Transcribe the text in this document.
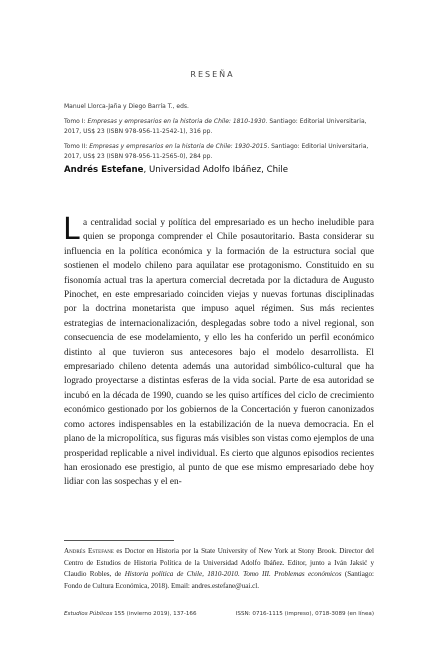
RESEÑA
Manuel Llorca-Jaña y Diego Barría T., eds.
Tomo I: Empresas y empresarios en la historia de Chile: 1810-1930. Santiago: Editorial Universitaria, 2017, US$ 23 (ISBN 978-956-11-2542-1), 316 pp.
Tomo II: Empresas y empresarios en la historia de Chile: 1930-2015. Santiago: Editorial Universitaria, 2017, US$ 23 (ISBN 978-956-11-2565-0), 284 pp.
Andrés Estefane, Universidad Adolfo Ibáñez, Chile
La centralidad social y política del empresariado es un hecho ineludible para quien se proponga comprender el Chile posautoritario. Basta considerar su influencia en la política económica y la formación de la estructura social que sostienen el modelo chileno para aquilatar ese protagonismo. Constituido en su fisonomía actual tras la apertura comercial decretada por la dictadura de Augusto Pinochet, en este empresariado coinciden viejas y nuevas fortunas disciplinadas por la doctrina monetarista que impuso aquel régimen. Sus más recientes estrategias de internacionalización, desplegadas sobre todo a nivel regional, son consecuencia de ese modelamiento, y ello les ha conferido un perfil económico distinto al que tuvieron sus antecesores bajo el modelo desarrollista. El empresariado chileno detenta además una autoridad simbólico-cultural que ha logrado proyectarse a distintas esferas de la vida social. Parte de esa autoridad se incubó en la década de 1990, cuando se les quiso artífices del ciclo de crecimiento económico gestionado por los gobiernos de la Concertación y fueron canonizados como actores indispensables en la estabilización de la nueva democracia. En el plano de la micropolítica, sus figuras más visibles son vistas como ejemplos de una prosperidad replicable a nivel individual. Es cierto que algunos episodios recientes han erosionado ese prestigio, al punto de que ese mismo empresariado debe hoy lidiar con las sospechas y el en-
Andrés Estefane es Doctor en Historia por la State University of New York at Stony Brook. Director del Centro de Estudios de Historia Política de la Universidad Adolfo Ibáñez. Editor, junto a Iván Jaksić y Claudio Robles, de Historia política de Chile, 1810-2010. Tomo III. Problemas económicos (Santiago: Fondo de Cultura Económica, 2018). Email: andres.estefane@uai.cl.
Estudios Públicos 155 (invierno 2019), 137-166	ISSN: 0716-1115 (impreso), 0718-3089 (en línea)
